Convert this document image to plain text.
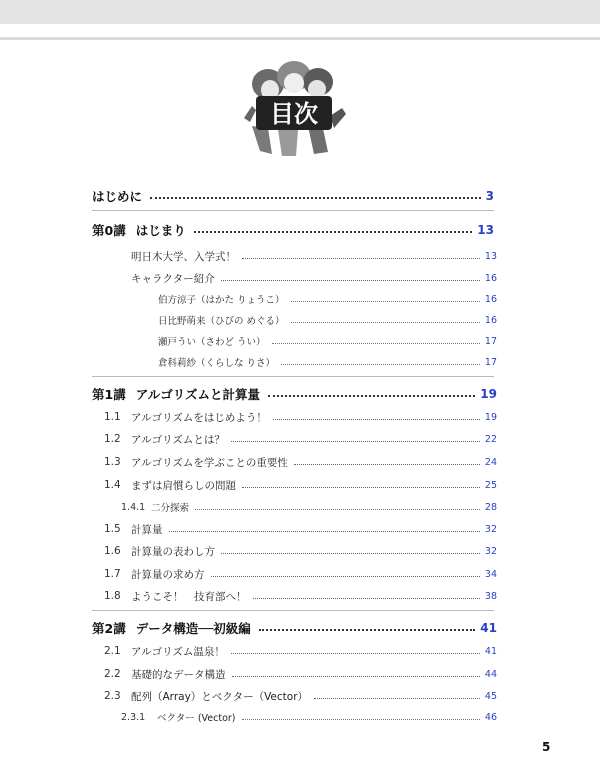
目次
はじめに	3
第0講 はじまり	13
明日木大学、入学式！	13
キャラクター紹介	16
伯方涼子（はかた りょうこ）	16
日比野萌来（ひびの めぐる）	16
瀬戸うい（さわど うい）	17
倉科莉紗（くらしな りさ）	17
第1講 アルゴリズムと計算量	19
1.1 アルゴリズムをはじめよう！	19
1.2 アルゴリズムとは？	22
1.3 アルゴリズムを学ぶことの重要性	24
1.4 まずは肩慣らしの問題	25
1.4.1 二分探索	28
1.5 計算量	32
1.6 計算量の表わし方	32
1.7 計算量の求め方	34
1.8 ようこそ！　技育部へ！	38
第2講 データ構造──初級編	41
2.1 アルゴリズム温泉！	41
2.2 基礎的なデータ構造	44
2.3 配列（Array）とベクター（Vector）	45
2.3.1	ベクター (Vector)	46
5
